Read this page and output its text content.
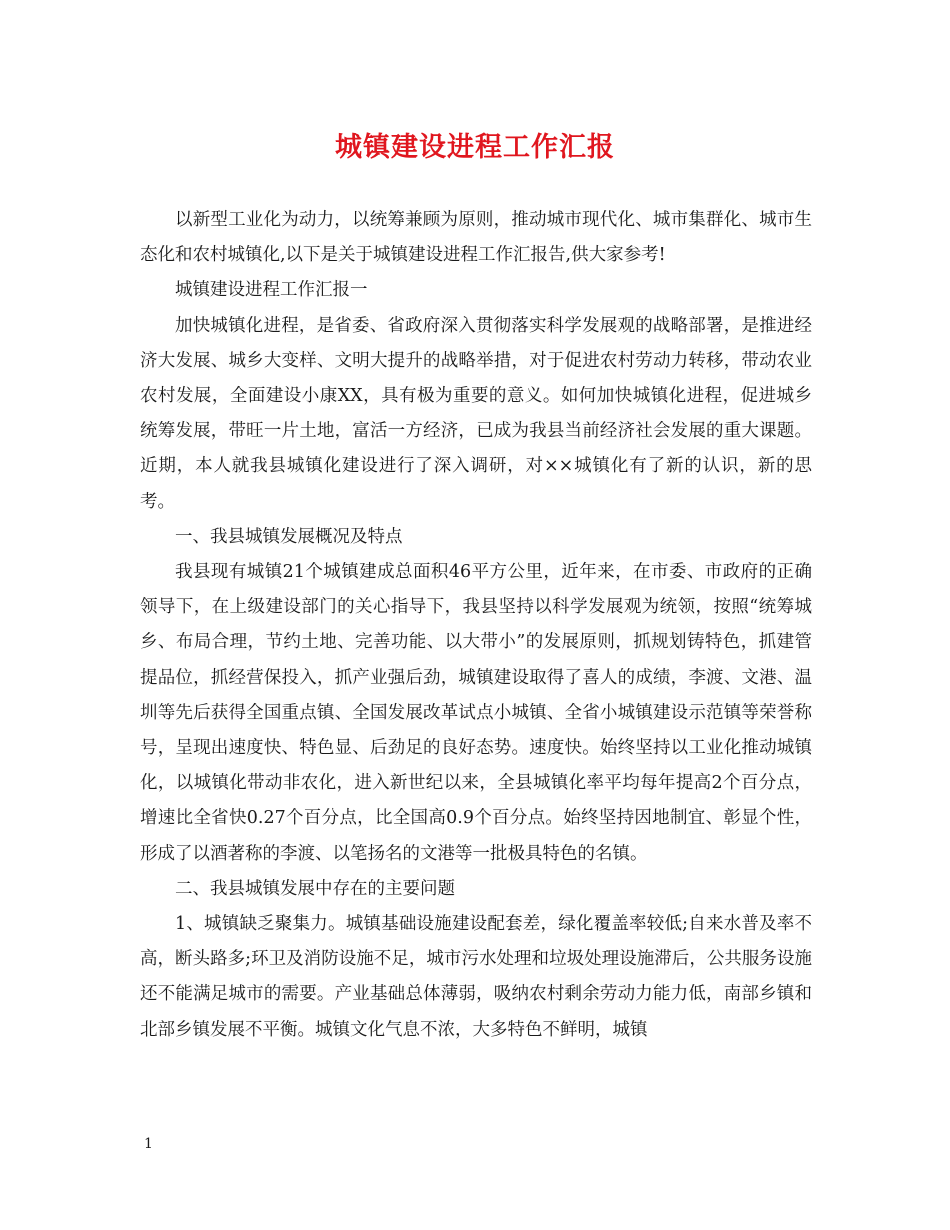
城镇建设进程工作汇报

以新型工业化为动力，以统筹兼顾为原则，推动城市现代化、城市集群化、城市生态化和农村城镇化,以下是关于城镇建设进程工作汇报告,供大家参考!

城镇建设进程工作汇报一

加快城镇化进程，是省委、省政府深入贯彻落实科学发展观的战略部署，是推进经济大发展、城乡大变样、文明大提升的战略举措，对于促进农村劳动力转移，带动农业农村发展，全面建设小康XX，具有极为重要的意义。如何加快城镇化进程，促进城乡统筹发展，带旺一片土地，富活一方经济，已成为我县当前经济社会发展的重大课题。近期，本人就我县城镇化建设进行了深入调研，对××城镇化有了新的认识，新的思考。

一、我县城镇发展概况及特点

我县现有城镇21个城镇建成总面积46平方公里，近年来，在市委、市政府的正确领导下，在上级建设部门的关心指导下，我县坚持以科学发展观为统领，按照“统筹城乡、布局合理，节约土地、完善功能、以大带小”的发展原则，抓规划铸特色，抓建管提品位，抓经营保投入，抓产业强后劲，城镇建设取得了喜人的成绩，李渡、文港、温圳等先后获得全国重点镇、全国发展改革试点小城镇、全省小城镇建设示范镇等荣誉称号，呈现出速度快、特色显、后劲足的良好态势。速度快。始终坚持以工业化推动城镇化，以城镇化带动非农化，进入新世纪以来，全县城镇化率平均每年提高2个百分点，增速比全省快0.27个百分点，比全国高0.9个百分点。始终坚持因地制宜、彰显个性，形成了以酒著称的李渡、以笔扬名的文港等一批极具特色的名镇。

二、我县城镇发展中存在的主要问题

1、城镇缺乏聚集力。城镇基础设施建设配套差，绿化覆盖率较低;自来水普及率不高，断头路多;环卫及消防设施不足，城市污水处理和垃圾处理设施滞后，公共服务设施还不能满足城市的需要。产业基础总体薄弱，吸纳农村剩余劳动力能力低，南部乡镇和北部乡镇发展不平衡。城镇文化气息不浓，大多特色不鲜明，城镇

1
